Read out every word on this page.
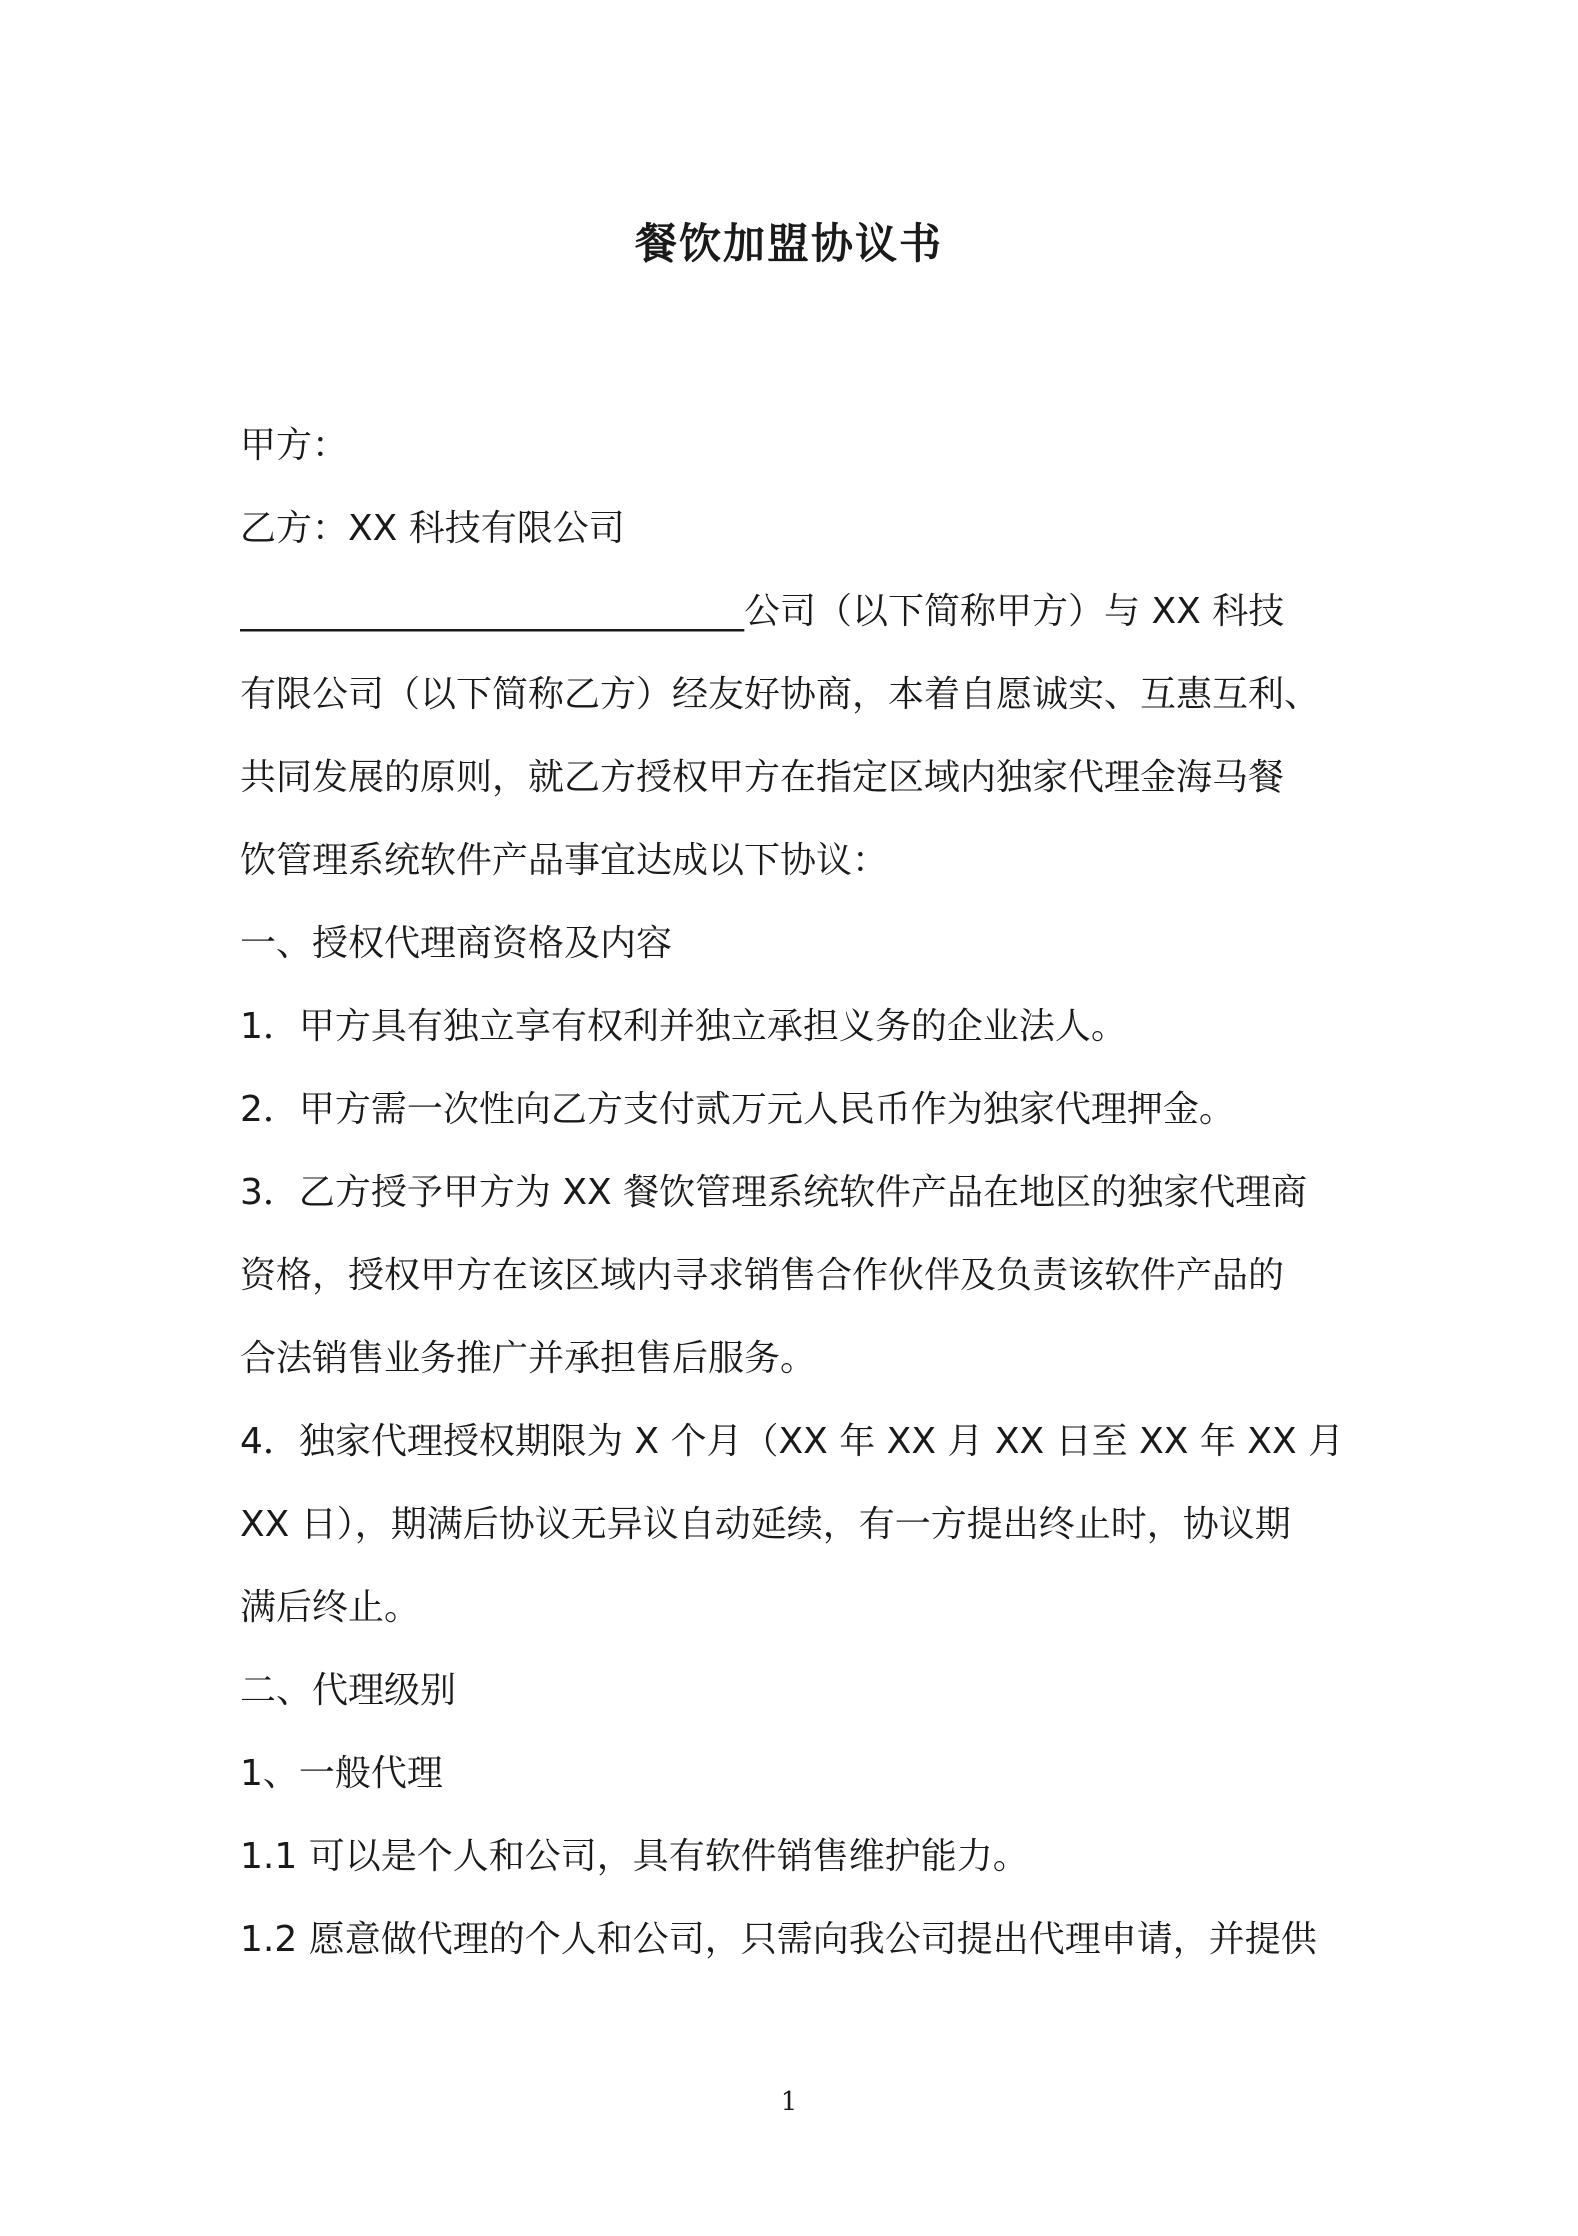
餐饮加盟协议书
甲方：
乙方：XX 科技有限公司
____________________________公司（以下简称甲方）与 XX 科技
有限公司（以下简称乙方）经友好协商，本着自愿诚实、互惠互利、
共同发展的原则，就乙方授权甲方在指定区域内独家代理金海马餐
饮管理系统软件产品事宜达成以下协议：
一、授权代理商资格及内容
1．甲方具有独立享有权利并独立承担义务的企业法人。
2．甲方需一次性向乙方支付贰万元人民币作为独家代理押金。
3．乙方授予甲方为 XX 餐饮管理系统软件产品在地区的独家代理商
资格，授权甲方在该区域内寻求销售合作伙伴及负责该软件产品的
合法销售业务推广并承担售后服务。
4．独家代理授权期限为 X 个月（XX 年 XX 月 XX 日至 XX 年 XX 月
XX 日），期满后协议无异议自动延续，有一方提出终止时，协议期
满后终止。
二、代理级别
1、一般代理
1.1 可以是个人和公司，具有软件销售维护能力。
1.2 愿意做代理的个人和公司，只需向我公司提出代理申请，并提供
1
